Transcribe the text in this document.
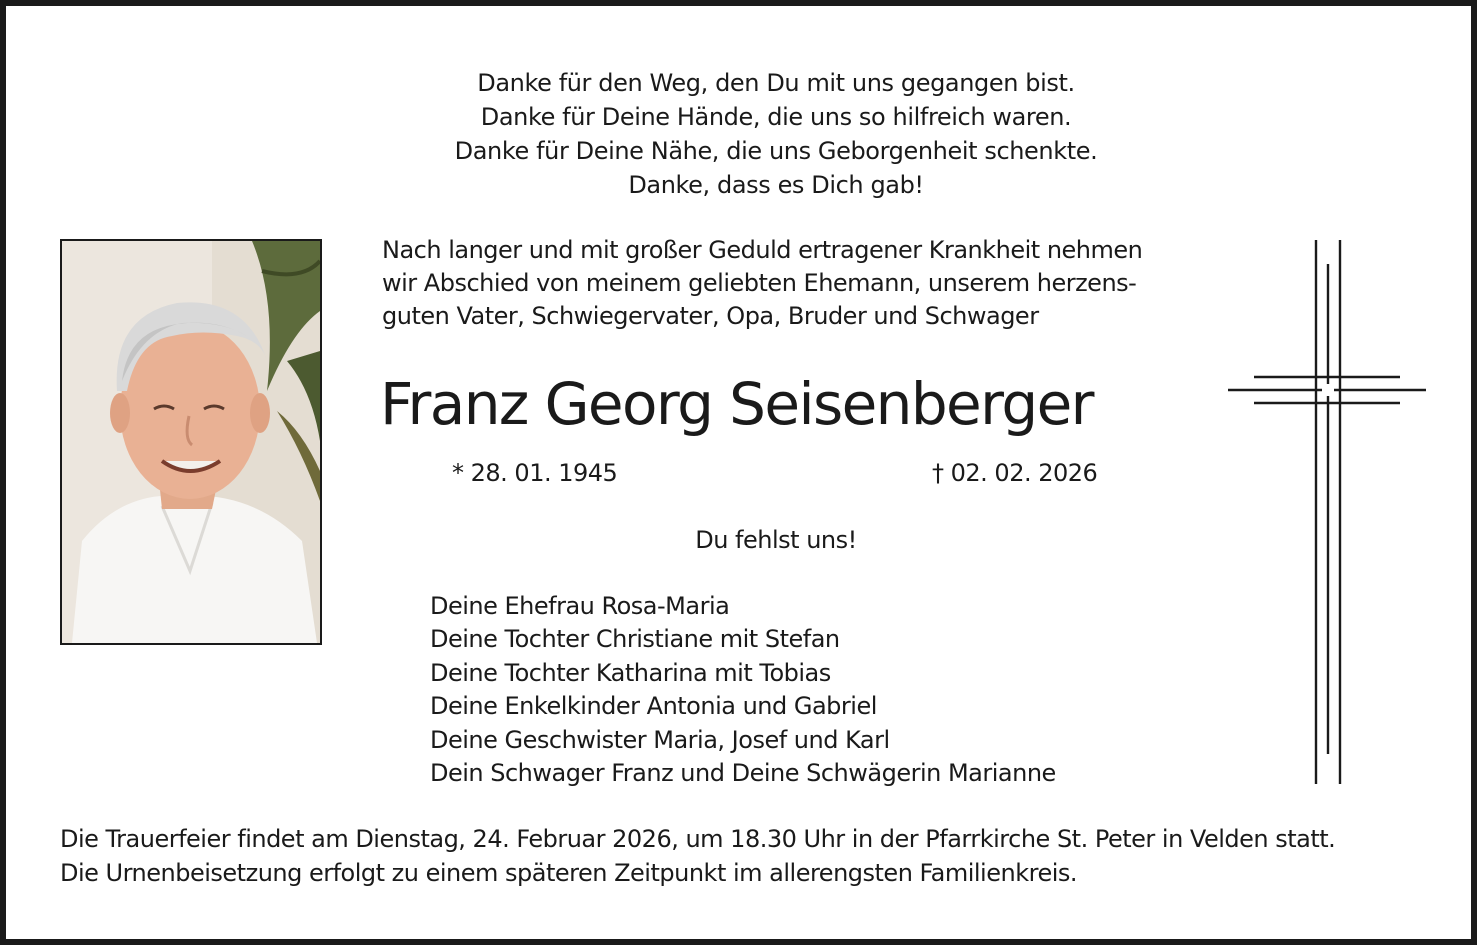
Danke für den Weg, den Du mit uns gegangen bist.
Danke für Deine Hände, die uns so hilfreich waren.
Danke für Deine Nähe, die uns Geborgenheit schenkte.
Danke, dass es Dich gab!
Nach langer und mit großer Geduld ertragener Krankheit nehmen
wir Abschied von meinem geliebten Ehemann, unserem herzens-
guten Vater, Schwiegervater, Opa, Bruder und Schwager
Franz Georg Seisenberger
* 28. 01. 1945	† 02. 02. 2026
Du fehlst uns!
Deine Ehefrau Rosa-Maria
Deine Tochter Christiane mit Stefan
Deine Tochter Katharina mit Tobias
Deine Enkelkinder Antonia und Gabriel
Deine Geschwister Maria, Josef und Karl
Dein Schwager Franz und Deine Schwägerin Marianne
Die Trauerfeier findet am Dienstag, 24. Februar 2026, um 18.30 Uhr in der Pfarrkirche St. Peter in Velden statt.
Die Urnenbeisetzung erfolgt zu einem späteren Zeitpunkt im allerengsten Familienkreis.
